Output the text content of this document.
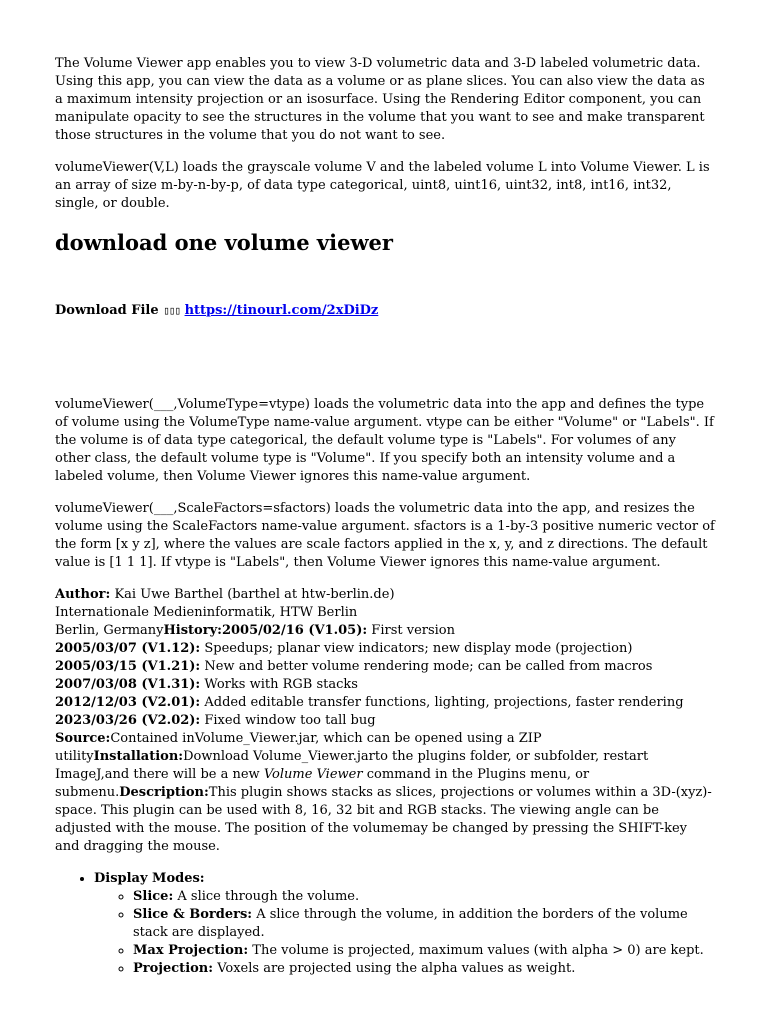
The Volume Viewer app enables you to view 3-D volumetric data and 3-D labeled volumetric data. Using this app, you can view the data as a volume or as plane slices. You can also view the data as a maximum intensity projection or an isosurface. Using the Rendering Editor component, you can manipulate opacity to see the structures in the volume that you want to see and make transparent those structures in the volume that you do not want to see.

volumeViewer(V,L) loads the grayscale volume V and the labeled volume L into Volume Viewer. L is an array of size m-by-n-by-p, of data type categorical, uint8, uint16, uint32, int8, int16, int32, single, or double.

download one volume viewer
Download File ▯▯▯ https://tinourl.com/2xDiDz

volumeViewer(___,VolumeType=vtype) loads the volumetric data into the app and defines the type of volume using the VolumeType name-value argument. vtype can be either "Volume" or "Labels". If the volume is of data type categorical, the default volume type is "Labels". For volumes of any other class, the default volume type is "Volume". If you specify both an intensity volume and a labeled volume, then Volume Viewer ignores this name-value argument.

volumeViewer(___,ScaleFactors=sfactors) loads the volumetric data into the app, and resizes the volume using the ScaleFactors name-value argument. sfactors is a 1-by-3 positive numeric vector of the form [x y z], where the values are scale factors applied in the x, y, and z directions. The default value is [1 1 1]. If vtype is "Labels", then Volume Viewer ignores this name-value argument.

Author: Kai Uwe Barthel (barthel at htw-berlin.de)
Internationale Medieninformatik, HTW Berlin
Berlin, GermanyHistory:2005/02/16 (V1.05): First version
2005/03/07 (V1.12): Speedups; planar view indicators; new display mode (projection)
2005/03/15 (V1.21): New and better volume rendering mode; can be called from macros
2007/03/08 (V1.31): Works with RGB stacks
2012/12/03 (V2.01): Added editable transfer functions, lighting, projections, faster rendering
2023/03/26 (V2.02): Fixed window too tall bug
Source:Contained inVolume_Viewer.jar, which can be opened using a ZIP utilityInstallation:Download Volume_Viewer.jarto the plugins folder, or subfolder, restart ImageJ,and there will be a new Volume Viewer command in the Plugins menu, or submenu.Description:This plugin shows stacks as slices, projections or volumes within a 3D-(xyz)-space. This plugin can be used with 8, 16, 32 bit and RGB stacks. The viewing angle can be adjusted with the mouse. The position of the volumemay be changed by pressing the SHIFT-key and dragging the mouse.
• Display Modes:
◦ Slice: A slice through the volume.
◦ Slice & Borders: A slice through the volume, in addition the borders of the volume stack are displayed.
◦ Max Projection: The volume is projected, maximum values (with alpha > 0) are kept.
◦ Projection: Voxels are projected using the alpha values as weight.
